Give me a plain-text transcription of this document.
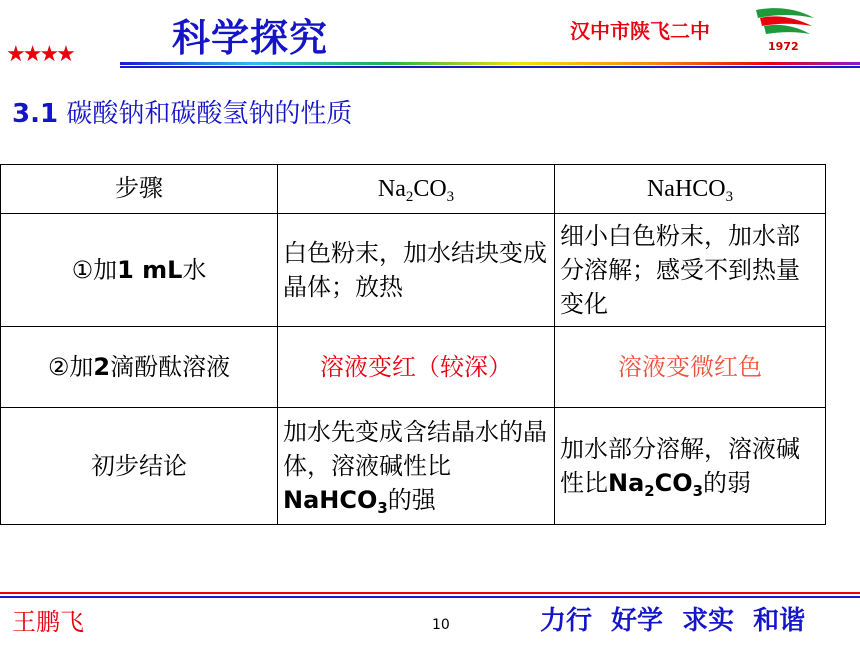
★★★★	科学探究	汉中市陕飞二中
1972
3.1 碳酸钠和碳酸氢钠的性质
步骤	$Na_2CO_3$	NaHCO$_3$
①加1 mL水	白色粉末，加水结块变成晶体；放热	细小白色粉末，加水部分溶解；感受不到热量变化
②加2滴酚酞溶液	溶液变红（较深）	溶液变微红色
初步结论	加水先变成含结晶水的晶体，溶液碱性比NaHCO$_3$的强	加水部分溶解，溶液碱性比$Na_2CO_3$的弱
王鹏飞	10	力行 好学 求实 和谐
